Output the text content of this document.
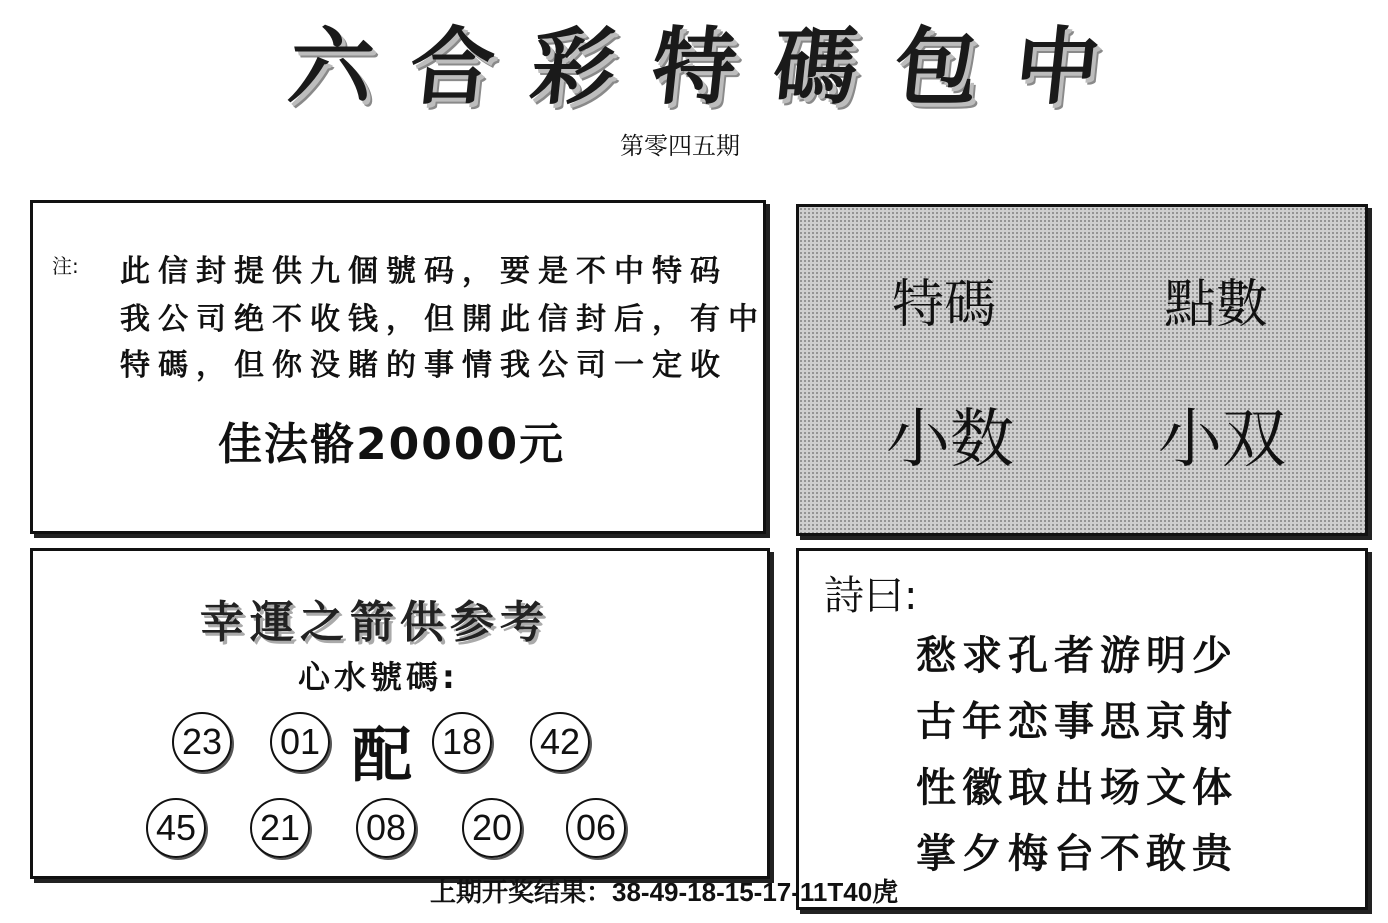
六 合 彩 特 碼 包 中
第零四五期
注: 此信封提供九個號码，要是不中特码
我公司绝不收钱，但開此信封后，有中
特碼，但你没賭的事情我公司一定收
佳法骼20000元
特碼	點數
小数 小双
幸運之箭供参考
心水號碼:
23 01 配 18 42
45 21 08 20 06
詩曰:
愁求孔者游明少
古年恋事思京射
性徽取出场文体
掌夕梅台不敢贵
上期开奖结果：38-49-18-15-17-11T40虎
